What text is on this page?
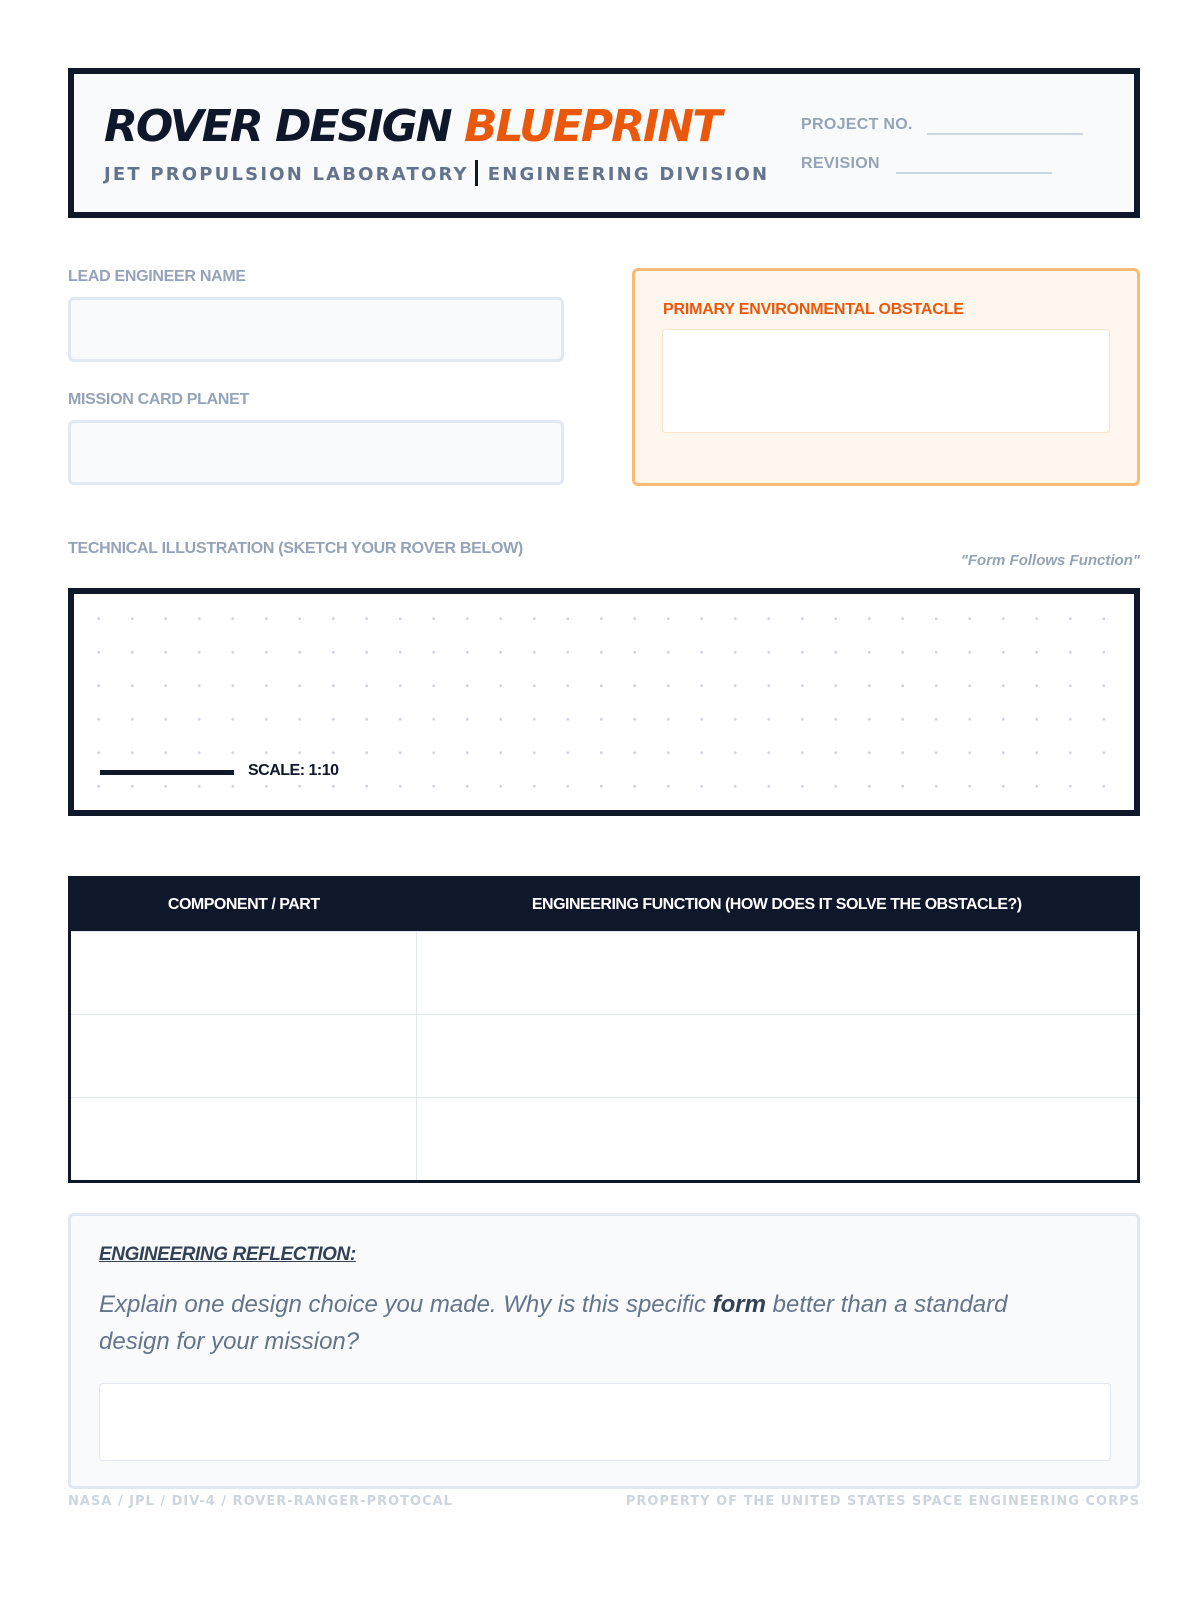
ROVER DESIGN BLUEPRINT
JET PROPULSION LABORATORY ENGINEERING DIVISION
PROJECT NO.
REVISION
LEAD ENGINEER NAME
MISSION CARD PLANET
PRIMARY ENVIRONMENTAL OBSTACLE
TECHNICAL ILLUSTRATION (SKETCH YOUR ROVER BELOW)
"Form Follows Function"
SCALE: 1:10
COMPONENT / PART	ENGINEERING FUNCTION (HOW DOES IT SOLVE THE OBSTACLE?)

ENGINEERING REFLECTION:

Explain one design choice you made. Why is this specific form better than a standard design for your mission?

NASA / JPL / DIV-4 / ROVER-RANGER-PROTOCAL	PROPERTY OF THE UNITED STATES SPACE ENGINEERING CORPS
